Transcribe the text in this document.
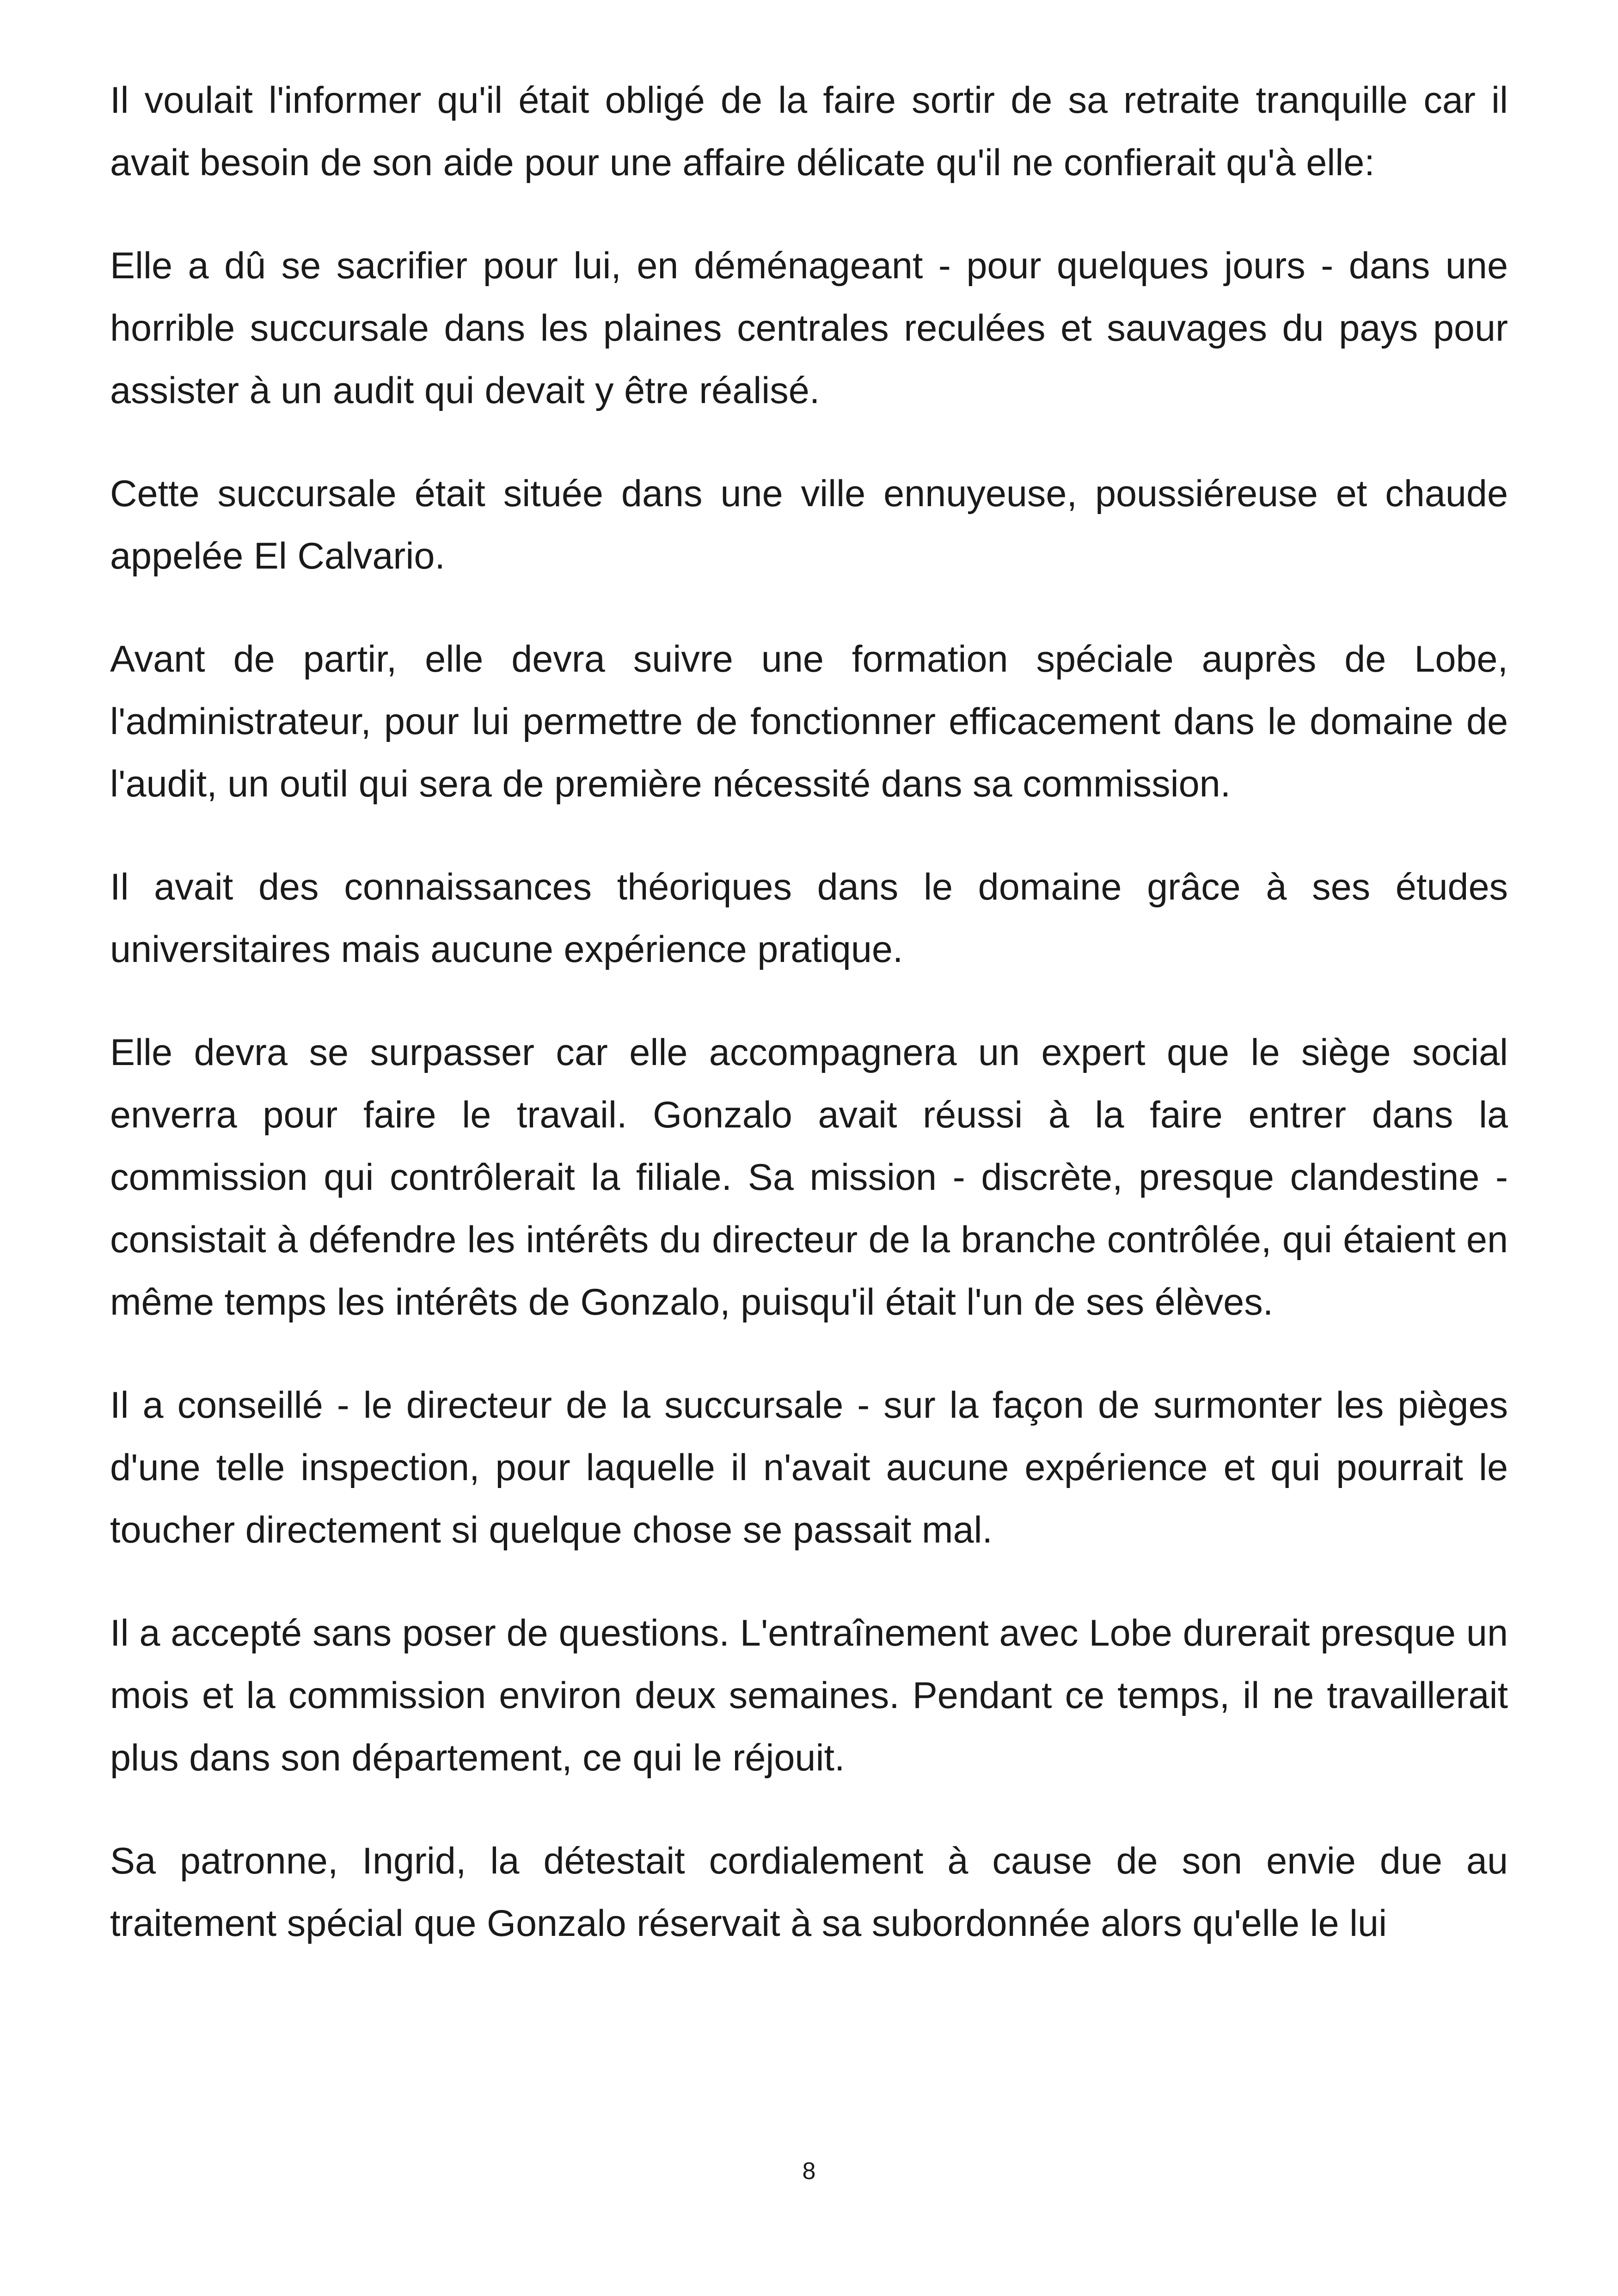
Il voulait l'informer qu'il était obligé de la faire sortir de sa retraite tranquille car il avait besoin de son aide pour une affaire délicate qu'il ne confierait qu'à elle:

Elle a dû se sacrifier pour lui, en déménageant - pour quelques jours - dans une horrible succursale dans les plaines centrales reculées et sauvages du pays pour assister à un audit qui devait y être réalisé.

Cette succursale était située dans une ville ennuyeuse, poussiéreuse et chaude appelée El Calvario.

Avant de partir, elle devra suivre une formation spéciale auprès de Lobe, l'administrateur, pour lui permettre de fonctionner efficacement dans le domaine de l'audit, un outil qui sera de première nécessité dans sa commission.

Il avait des connaissances théoriques dans le domaine grâce à ses études universitaires mais aucune expérience pratique.

Elle devra se surpasser car elle accompagnera un expert que le siège social enverra pour faire le travail. Gonzalo avait réussi à la faire entrer dans la commission qui contrôlerait la filiale. Sa mission - discrète, presque clandestine - consistait à défendre les intérêts du directeur de la branche contrôlée, qui étaient en même temps les intérêts de Gonzalo, puisqu'il était l'un de ses élèves.

Il a conseillé - le directeur de la succursale - sur la façon de surmonter les pièges d'une telle inspection, pour laquelle il n'avait aucune expérience et qui pourrait le toucher directement si quelque chose se passait mal.

Il a accepté sans poser de questions. L'entraînement avec Lobe durerait presque un mois et la commission environ deux semaines. Pendant ce temps, il ne travaillerait plus dans son département, ce qui le réjouit.

Sa patronne, Ingrid, la détestait cordialement à cause de son envie due au traitement spécial que Gonzalo réservait à sa subordonnée alors qu'elle le lui

8
